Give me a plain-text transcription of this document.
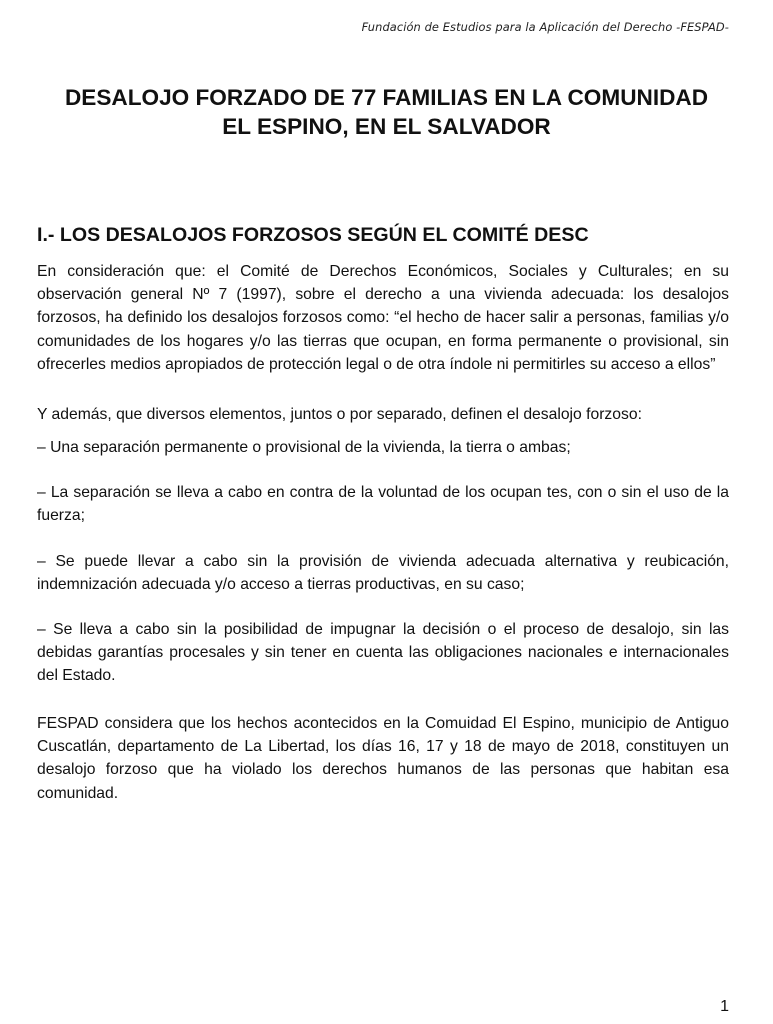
Fundación de Estudios para la Aplicación del Derecho -FESPAD-
DESALOJO FORZADO DE 77 FAMILIAS EN LA COMUNIDAD
EL ESPINO, EN EL SALVADOR
I.- LOS DESALOJOS FORZOSOS SEGÚN EL COMITÉ DESC

En consideración que: el Comité de Derechos Económicos, Sociales y Culturales; en su observación general Nº 7 (1997), sobre el derecho a una vivienda adecuada: los desalojos forzosos, ha definido los desalojos forzosos como: “el hecho de hacer salir a personas, familias y/o comunidades de los hogares y/o las tierras que ocupan, en forma permanente o provisional, sin ofrecerles medios apropiados de protección legal o de otra índole ni permitirles su acceso a ellos”

Y además, que diversos elementos, juntos o por separado, definen el desalojo forzoso:

– Una separación permanente o provisional de la vivienda, la tierra o ambas;

– La separación se lleva a cabo en contra de la voluntad de los ocupan tes, con o sin el uso de la fuerza;

– Se puede llevar a cabo sin la provisión de vivienda adecuada alternativa y reubicación, indemnización adecuada y/o acceso a tierras productivas, en su caso;

– Se lleva a cabo sin la posibilidad de impugnar la decisión o el proceso de desalojo, sin las debidas garantías procesales y sin tener en cuenta las obligaciones nacionales e internacionales del Estado.

FESPAD considera que los hechos acontecidos en la Comuidad El Espino, municipio de Antiguo Cuscatlán, departamento de La Libertad, los días 16, 17 y 18 de mayo de 2018, constituyen un desalojo forzoso que ha violado los derechos humanos de las personas que habitan esa comunidad.

1
